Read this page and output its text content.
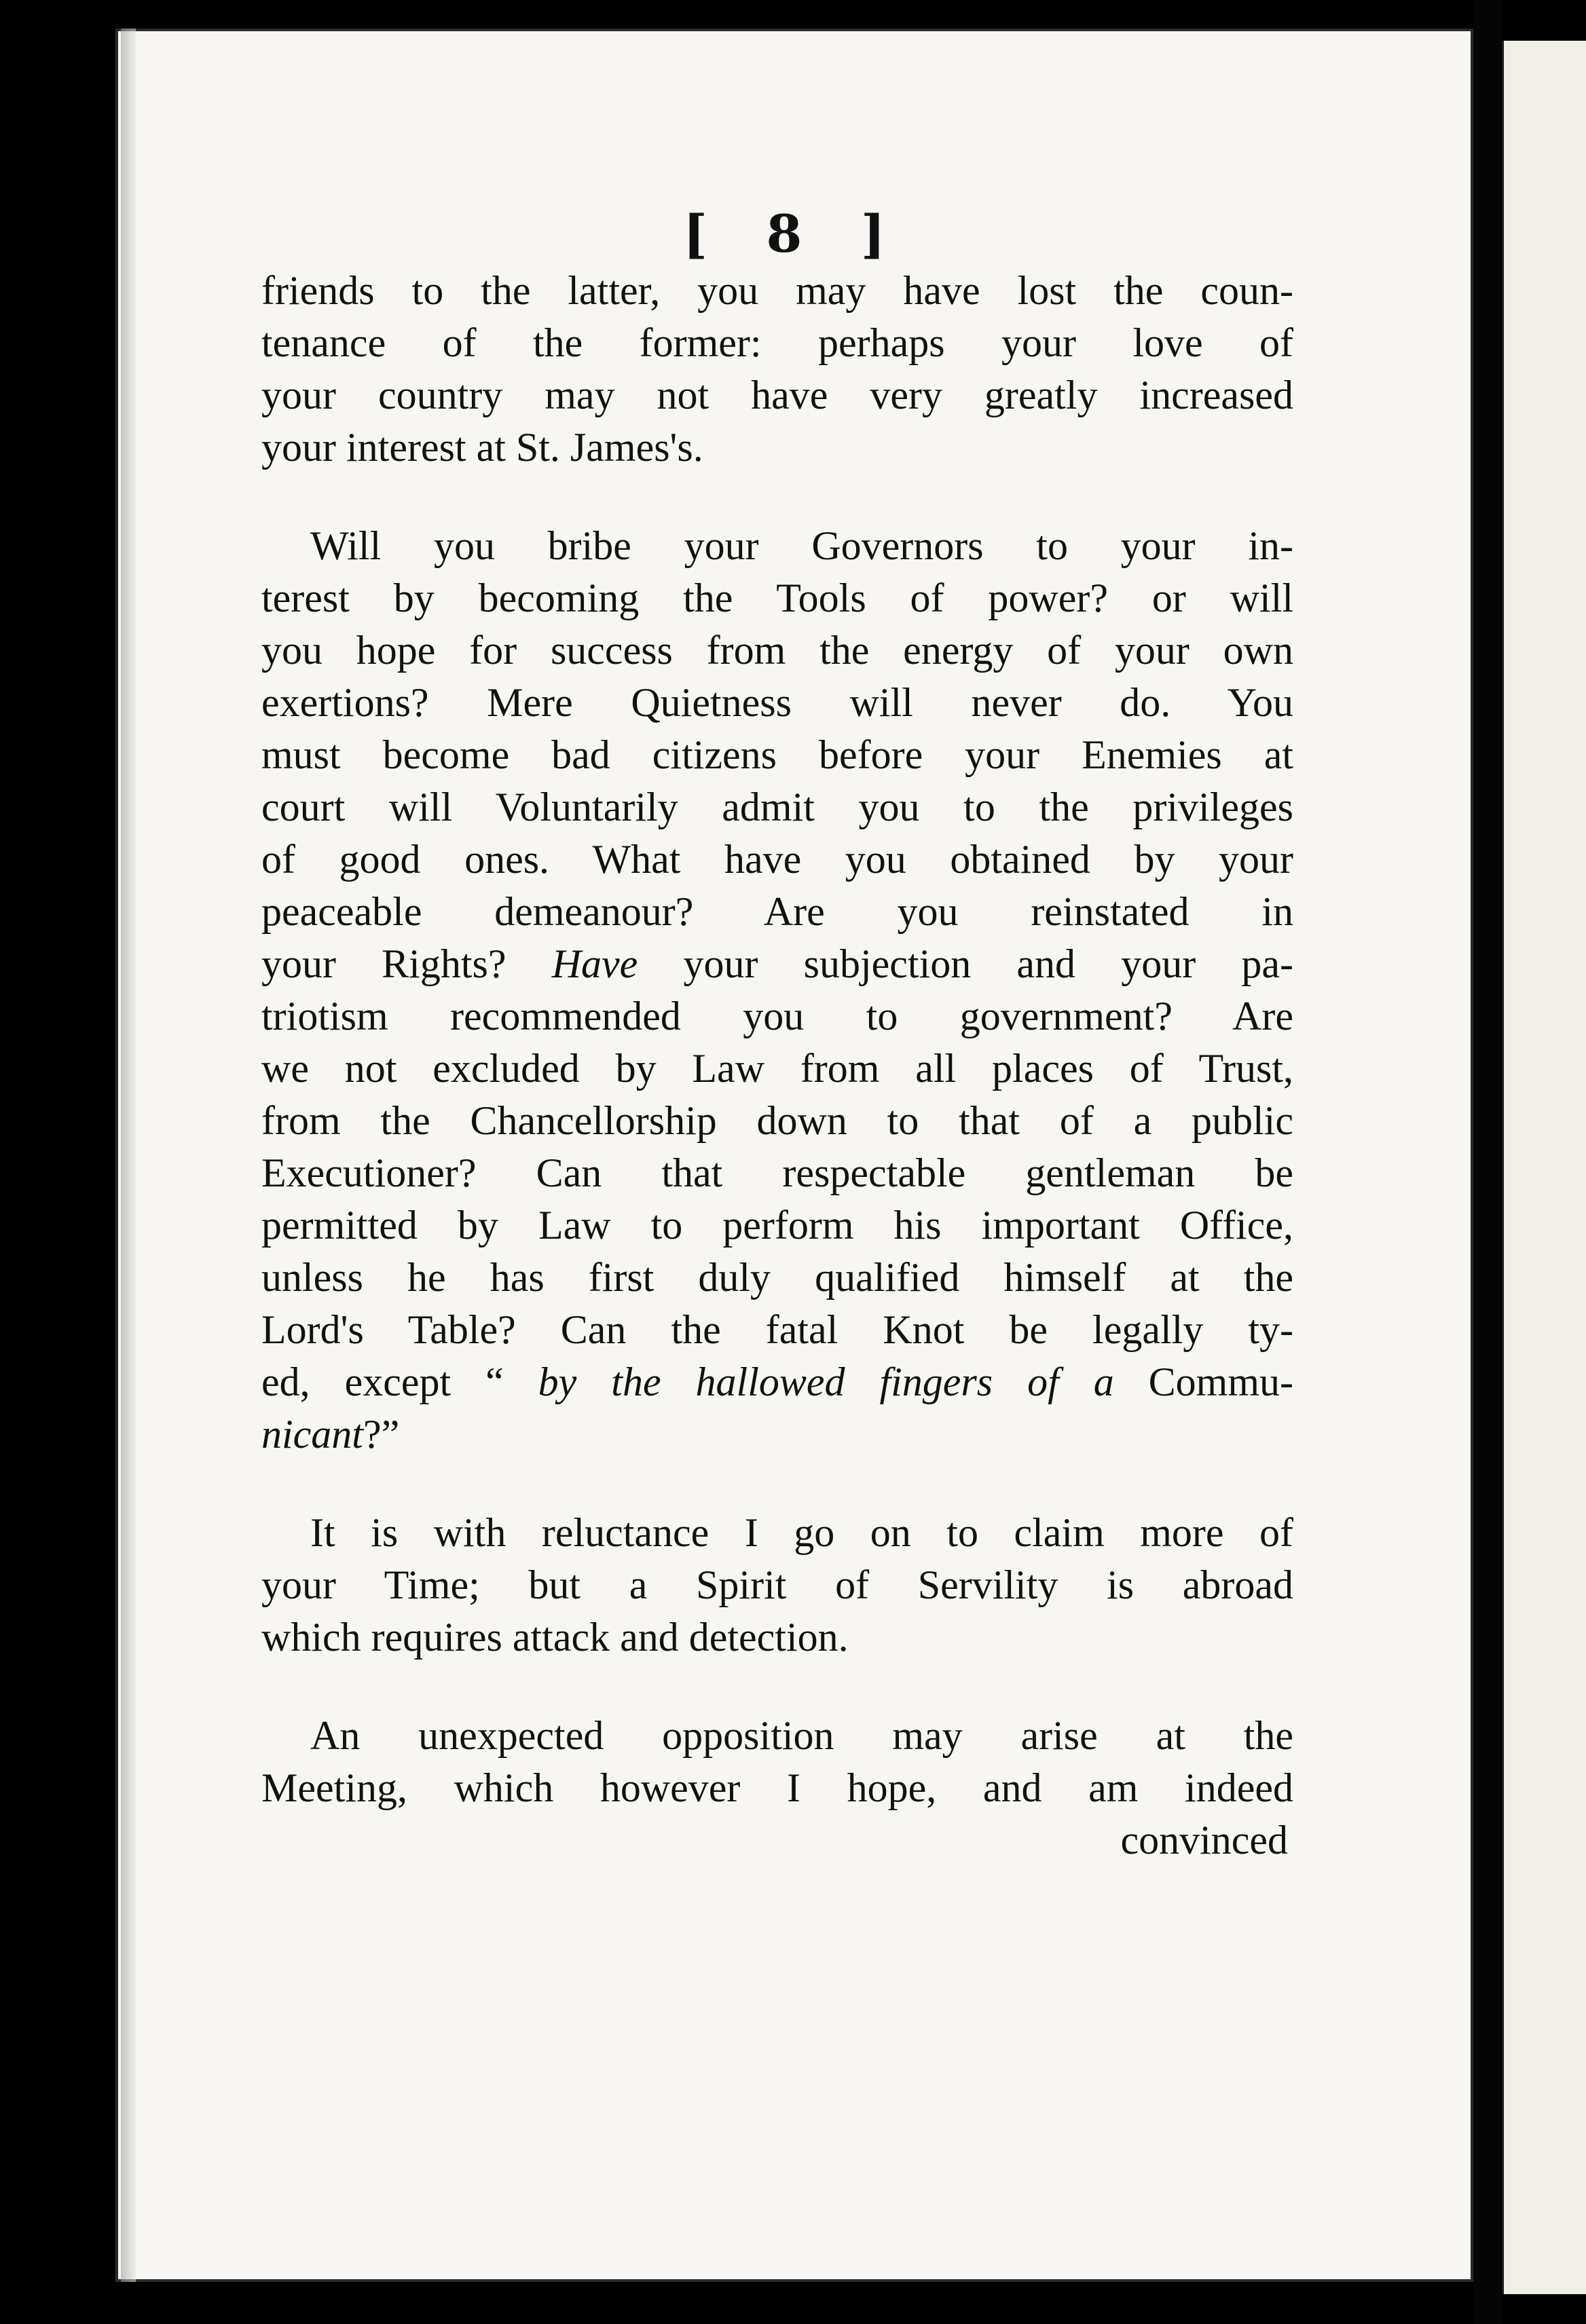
[ 8 ]
friends to the latter, you may have lost the coun-
tenance of the former: perhaps your love of
your country may not have very greatly increased
your interest at St. James's.
Will you bribe your Governors to your in-
terest by becoming the Tools of power? or will
you hope for success from the energy of your own
exertions? Mere Quietness will never do. You
must become bad citizens before your Enemies at
court will Voluntarily admit you to the privileges
of good ones. What have you obtained by your
peaceable demeanour? Are you reinstated in
your Rights? Have your subjection and your pa-
triotism recommended you to government? Are
we not excluded by Law from all places of Trust,
from the Chancellorship down to that of a public
Executioner? Can that respectable gentleman be
permitted by Law to perform his important Office,
unless he has first duly qualified himself at the
Lord's Table? Can the fatal Knot be legally ty-
ed, except “ by the hallowed fingers of a Commu-
nicant?”
It is with reluctance I go on to claim more of
your Time; but a Spirit of Servility is abroad
which requires attack and detection.
An unexpected opposition may arise at the
Meeting, which however I hope, and am indeed
convinced
